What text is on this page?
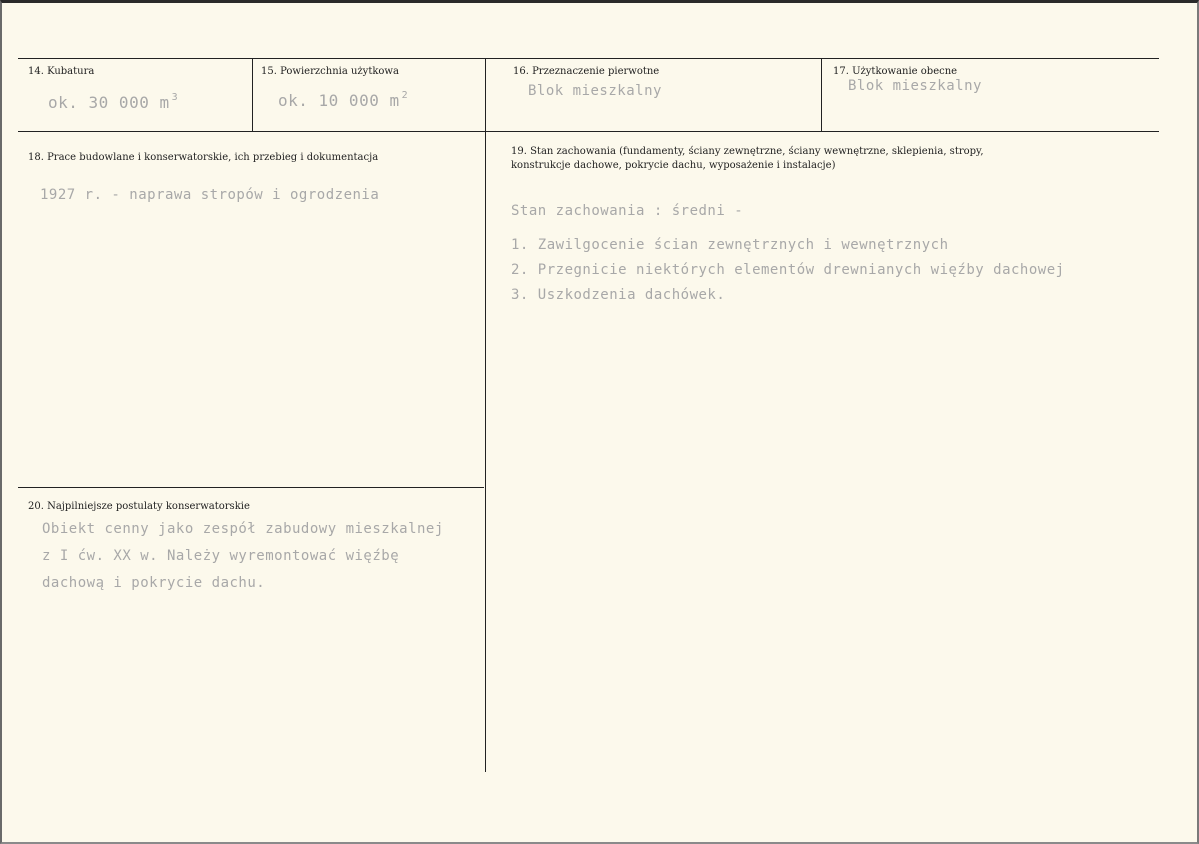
14. Kubatura
ok. 30 000 m $^3$
15. Powierzchnia użytkowa
ok. 10 000 m $^2$
16. Przeznaczenie pierwotne
Blok mieszkalny
17. Użytkowanie obecne
Blok mieszkalny
18. Prace budowlane i konserwatorskie, ich przebieg i dokumentacja
1927 r. - naprawa stropów i ogrodzenia
19. Stan zachowania (fundamenty, ściany zewnętrzne, ściany wewnętrzne, sklepienia, stropy,
konstrukcje dachowe, pokrycie dachu, wyposażenie i instalacje)
Stan zachowania : średni -
1. Zawilgocenie ścian zewnętrznych i wewnętrznych
2. Przegnicie niektórych elementów drewnianych więźby dachowej
3. Uszkodzenia dachówek.
20. Najpilniejsze postulaty konserwatorskie
Obiekt cenny jako zespół zabudowy mieszkalnej
z I ćw. XX w. Należy wyremontować więźbę
dachową i pokrycie dachu.
